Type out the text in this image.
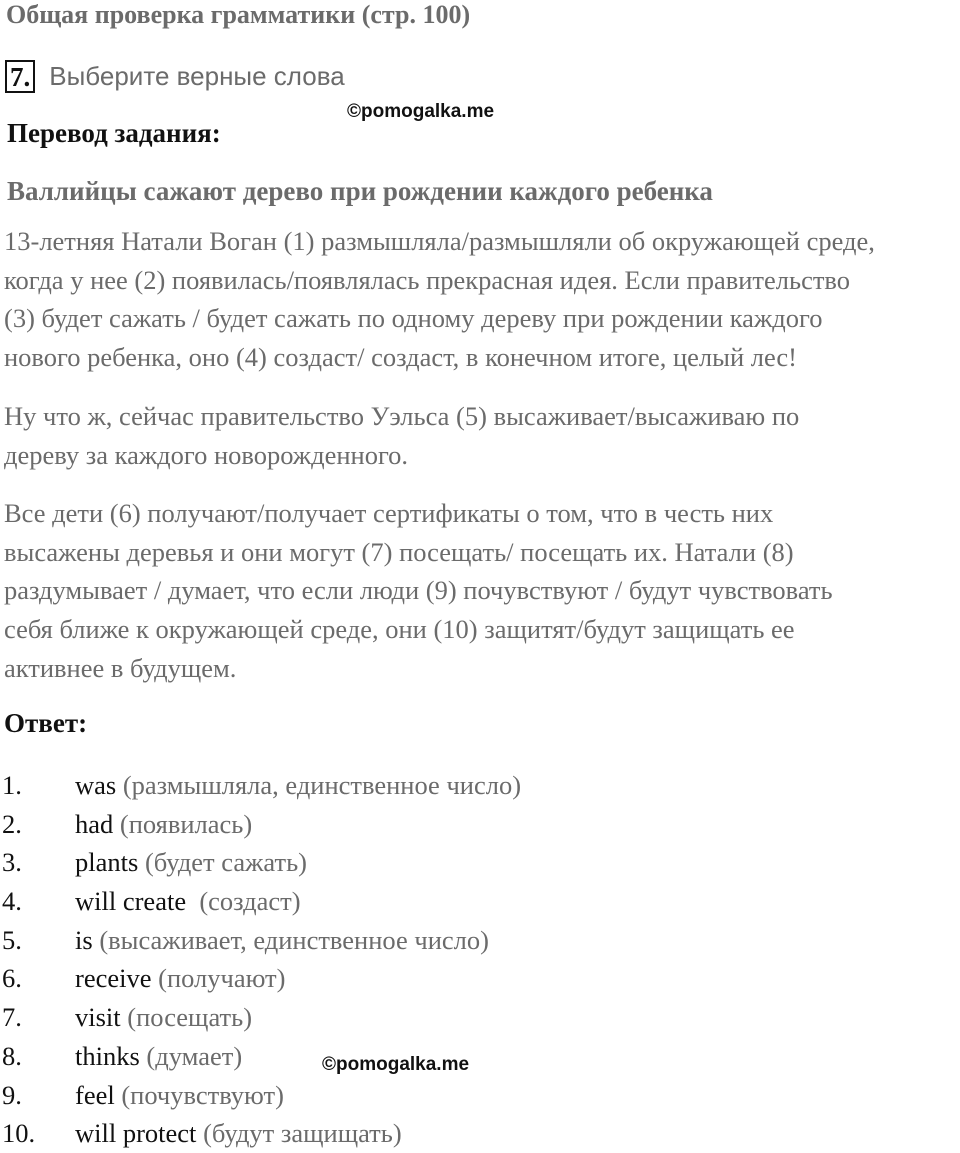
Общая проверка грамматики (стр. 100)
7. Выберите верные слова
©pomogalka.me
Перевод задания:
Валлийцы сажают дерево при рождении каждого ребенка

13-летняя Натали Воган (1) размышляла/размышляли об окружающей среде,
когда у нее (2) появилась/появлялась прекрасная идея. Если правительство
(3) будет сажать / будет сажать по одному дереву при рождении каждого
нового ребенка, оно (4) создаст/ создаст, в конечном итоге, целый лес!

Ну что ж, сейчас правительство Уэльса (5) высаживает/высаживаю по
дереву за каждого новорожденного.

Все дети (6) получают/получает сертификаты о том, что в честь них
высажены деревья и они могут (7) посещать/ посещать их. Натали (8)
раздумывает / думает, что если люди (9) почувствуют / будут чувствовать
себя ближе к окружающей среде, они (10) защитят/будут защищать ее
активнее в будущем.

Ответ:
1. was (размышляла, единственное число)
2. had (появилась)
3. plants (будет сажать)
4. will create  (создаст)
5. is (высаживает, единственное число)
6. receive (получают)
7. visit (посещать)
8. thinks (думает)
9. feel (почувствуют)
10. will protect (будут защищать)
©pomogalka.me
